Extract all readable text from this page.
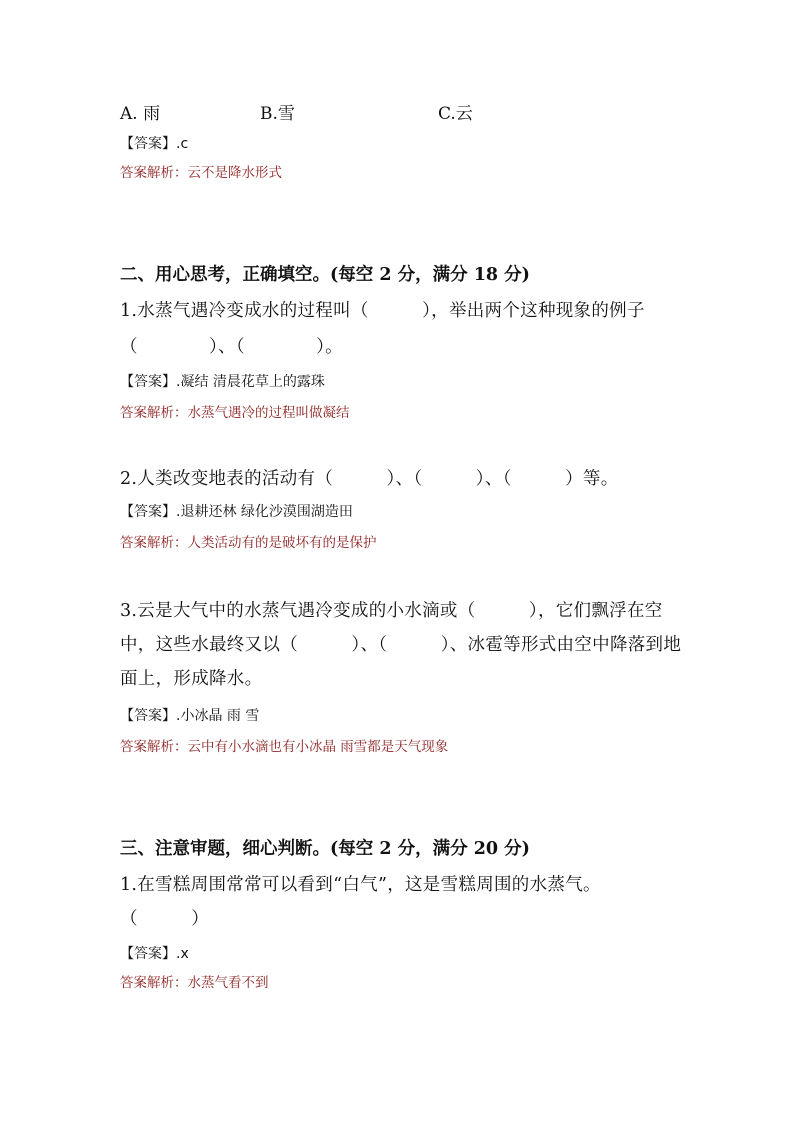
A. 雨	B.雪	C.云
【答案】.c
答案解析：云不是降水形式
二、用心思考，正确填空。(每空 2 分，满分 18 分)
1.水蒸气遇冷变成水的过程叫（　　　），举出两个这种现象的例子
（　　　　）、（　　　　）。
【答案】.凝结 清晨花草上的露珠
答案解析：水蒸气遇冷的过程叫做凝结
2.人类改变地表的活动有（　　　）、（　　　）、（　　　）等。
【答案】.退耕还林 绿化沙漠围湖造田
答案解析：人类活动有的是破坏有的是保护
3.云是大气中的水蒸气遇冷变成的小水滴或（　　　），它们飘浮在空
中，这些水最终又以（　　　）、（　　　）、冰雹等形式由空中降落到地
面上，形成降水。
【答案】.小冰晶 雨 雪
答案解析：云中有小水滴也有小冰晶 雨雪都是天气现象
三、注意审题，细心判断。(每空 2 分，满分 20 分)
1.在雪糕周围常常可以看到“白气”，这是雪糕周围的水蒸气。
（　　　）
【答案】.x
答案解析：水蒸气看不到
